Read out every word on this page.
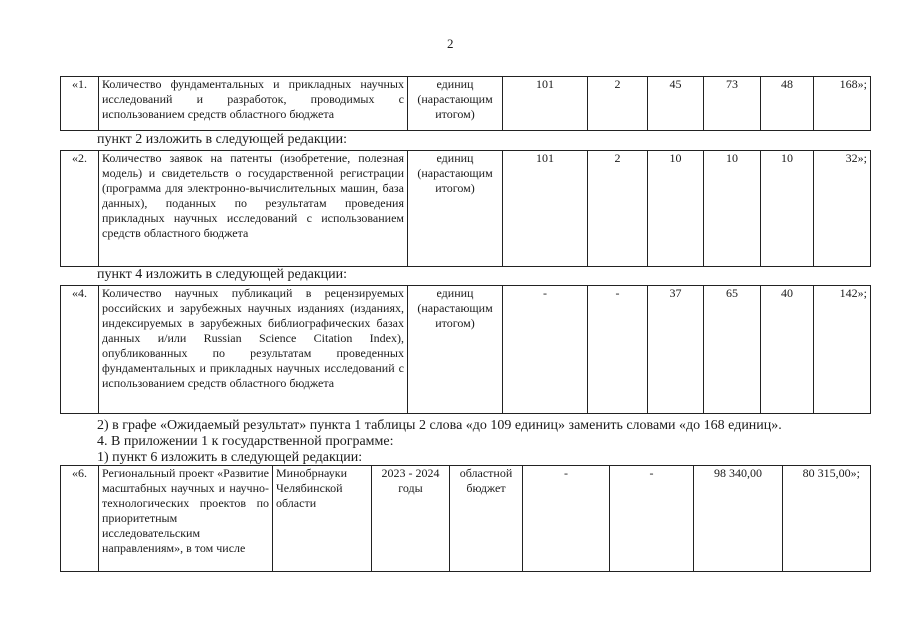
2
«1.	Количество фундаментальных и прикладных научных исследований и разработок, проводимых с использованием средств областного бюджета	единиц (нарастающим итогом)	101	2	45	73	48	168»;
пункт 2 изложить в следующей редакции:
«2.	Количество заявок на патенты (изобретение, полезная модель) и свидетельств о государственной регистрации (программа для электронно-вычислительных машин, база данных), поданных по результатам проведения прикладных научных исследований с использованием средств областного бюджета	единиц (нарастающим итогом)	101	2	10	10	10	32»;
пункт 4 изложить в следующей редакции:
«4.	Количество научных публикаций в рецензируемых российских и зарубежных научных изданиях (изданиях, индексируемых в зарубежных библиографических базах данных и/или Russian Science Citation Index), опубликованных по результатам проведенных фундаментальных и прикладных научных исследований с использованием средств областного бюджета	единиц (нарастающим итогом)	-	-	37	65	40	142»;
2) в графе «Ожидаемый результат» пункта 1 таблицы 2 слова «до 109 единиц» заменить словами «до 168 единиц».
4. В приложении 1 к государственной программе:
1) пункт 6 изложить в следующей редакции:
«6.	Региональный проект «Развитие масштабных научных и научно-технологических проектов по приоритетным исследовательским направлениям», в том числе	Минобрнауки Челябинской области	2023 - 2024 годы	областной бюджет	-	-	98 340,00	80 315,00»;
